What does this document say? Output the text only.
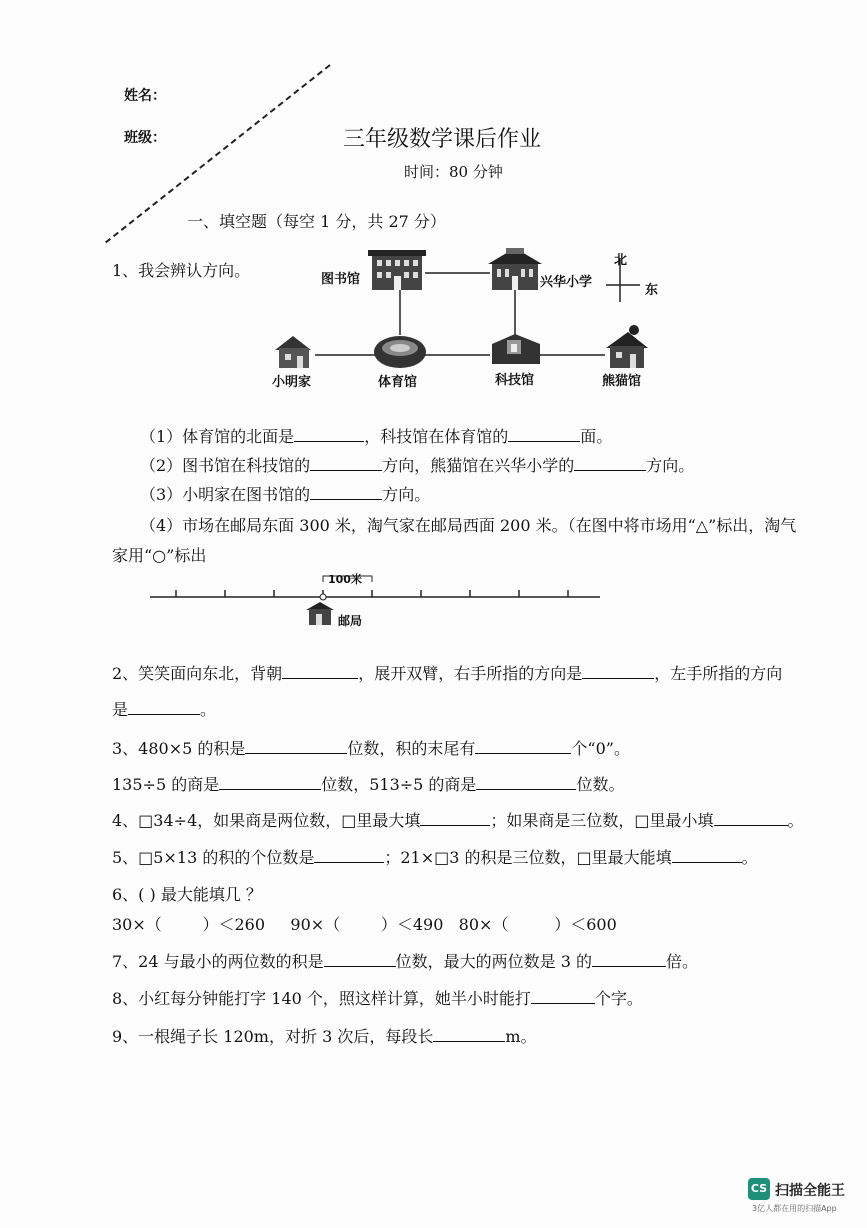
姓名：
班级：	三年级数学课后作业
时间：80 分钟
一、填空题（每空 1 分，共 27 分）
1、我会辨认方向。	图书馆	兴华小学
北
东
小明家	体育馆	科技馆	熊猫馆
（1）体育馆的北面是	，科技馆在体育馆的	面。
（2）图书馆在科技馆的	方向，熊猫馆在兴华小学的	方向。
（3）小明家在图书馆的	方向。
（4）市场在邮局东面 300 米，淘气家在邮局西面 200 米。（在图中将市场用“△”标出，淘气
家用“○”标出
100米
邮局
2、笑笑面向东北，背朝	，展开双臂，右手所指的方向是	，左手所指的方向
是	。
3、480×5 的积是	位数，积的末尾有	个“0”。
135÷5 的商是	位数，513÷5 的商是	位数。
4、□34÷4，如果商是两位数，□里最大填	；如果商是三位数，□里最小填	。
5、□5×13 的积的个位数是	；21×□3 的积是三位数，□里最大能填	。
6、( ) 最大能填几 ？
30×（        ）＜260     90×（        ）＜490   80×（         ）＜600
7、24 与最小的两位数的积是	位数，最大的两位数是 3 的	倍。
8、小红每分钟能打字 140 个，照这样计算，她半小时能打	个字。
9、一根绳子长 120m，对折 3 次后，每段长	m。
CS 扫描全能王
3亿人都在用的扫描App
